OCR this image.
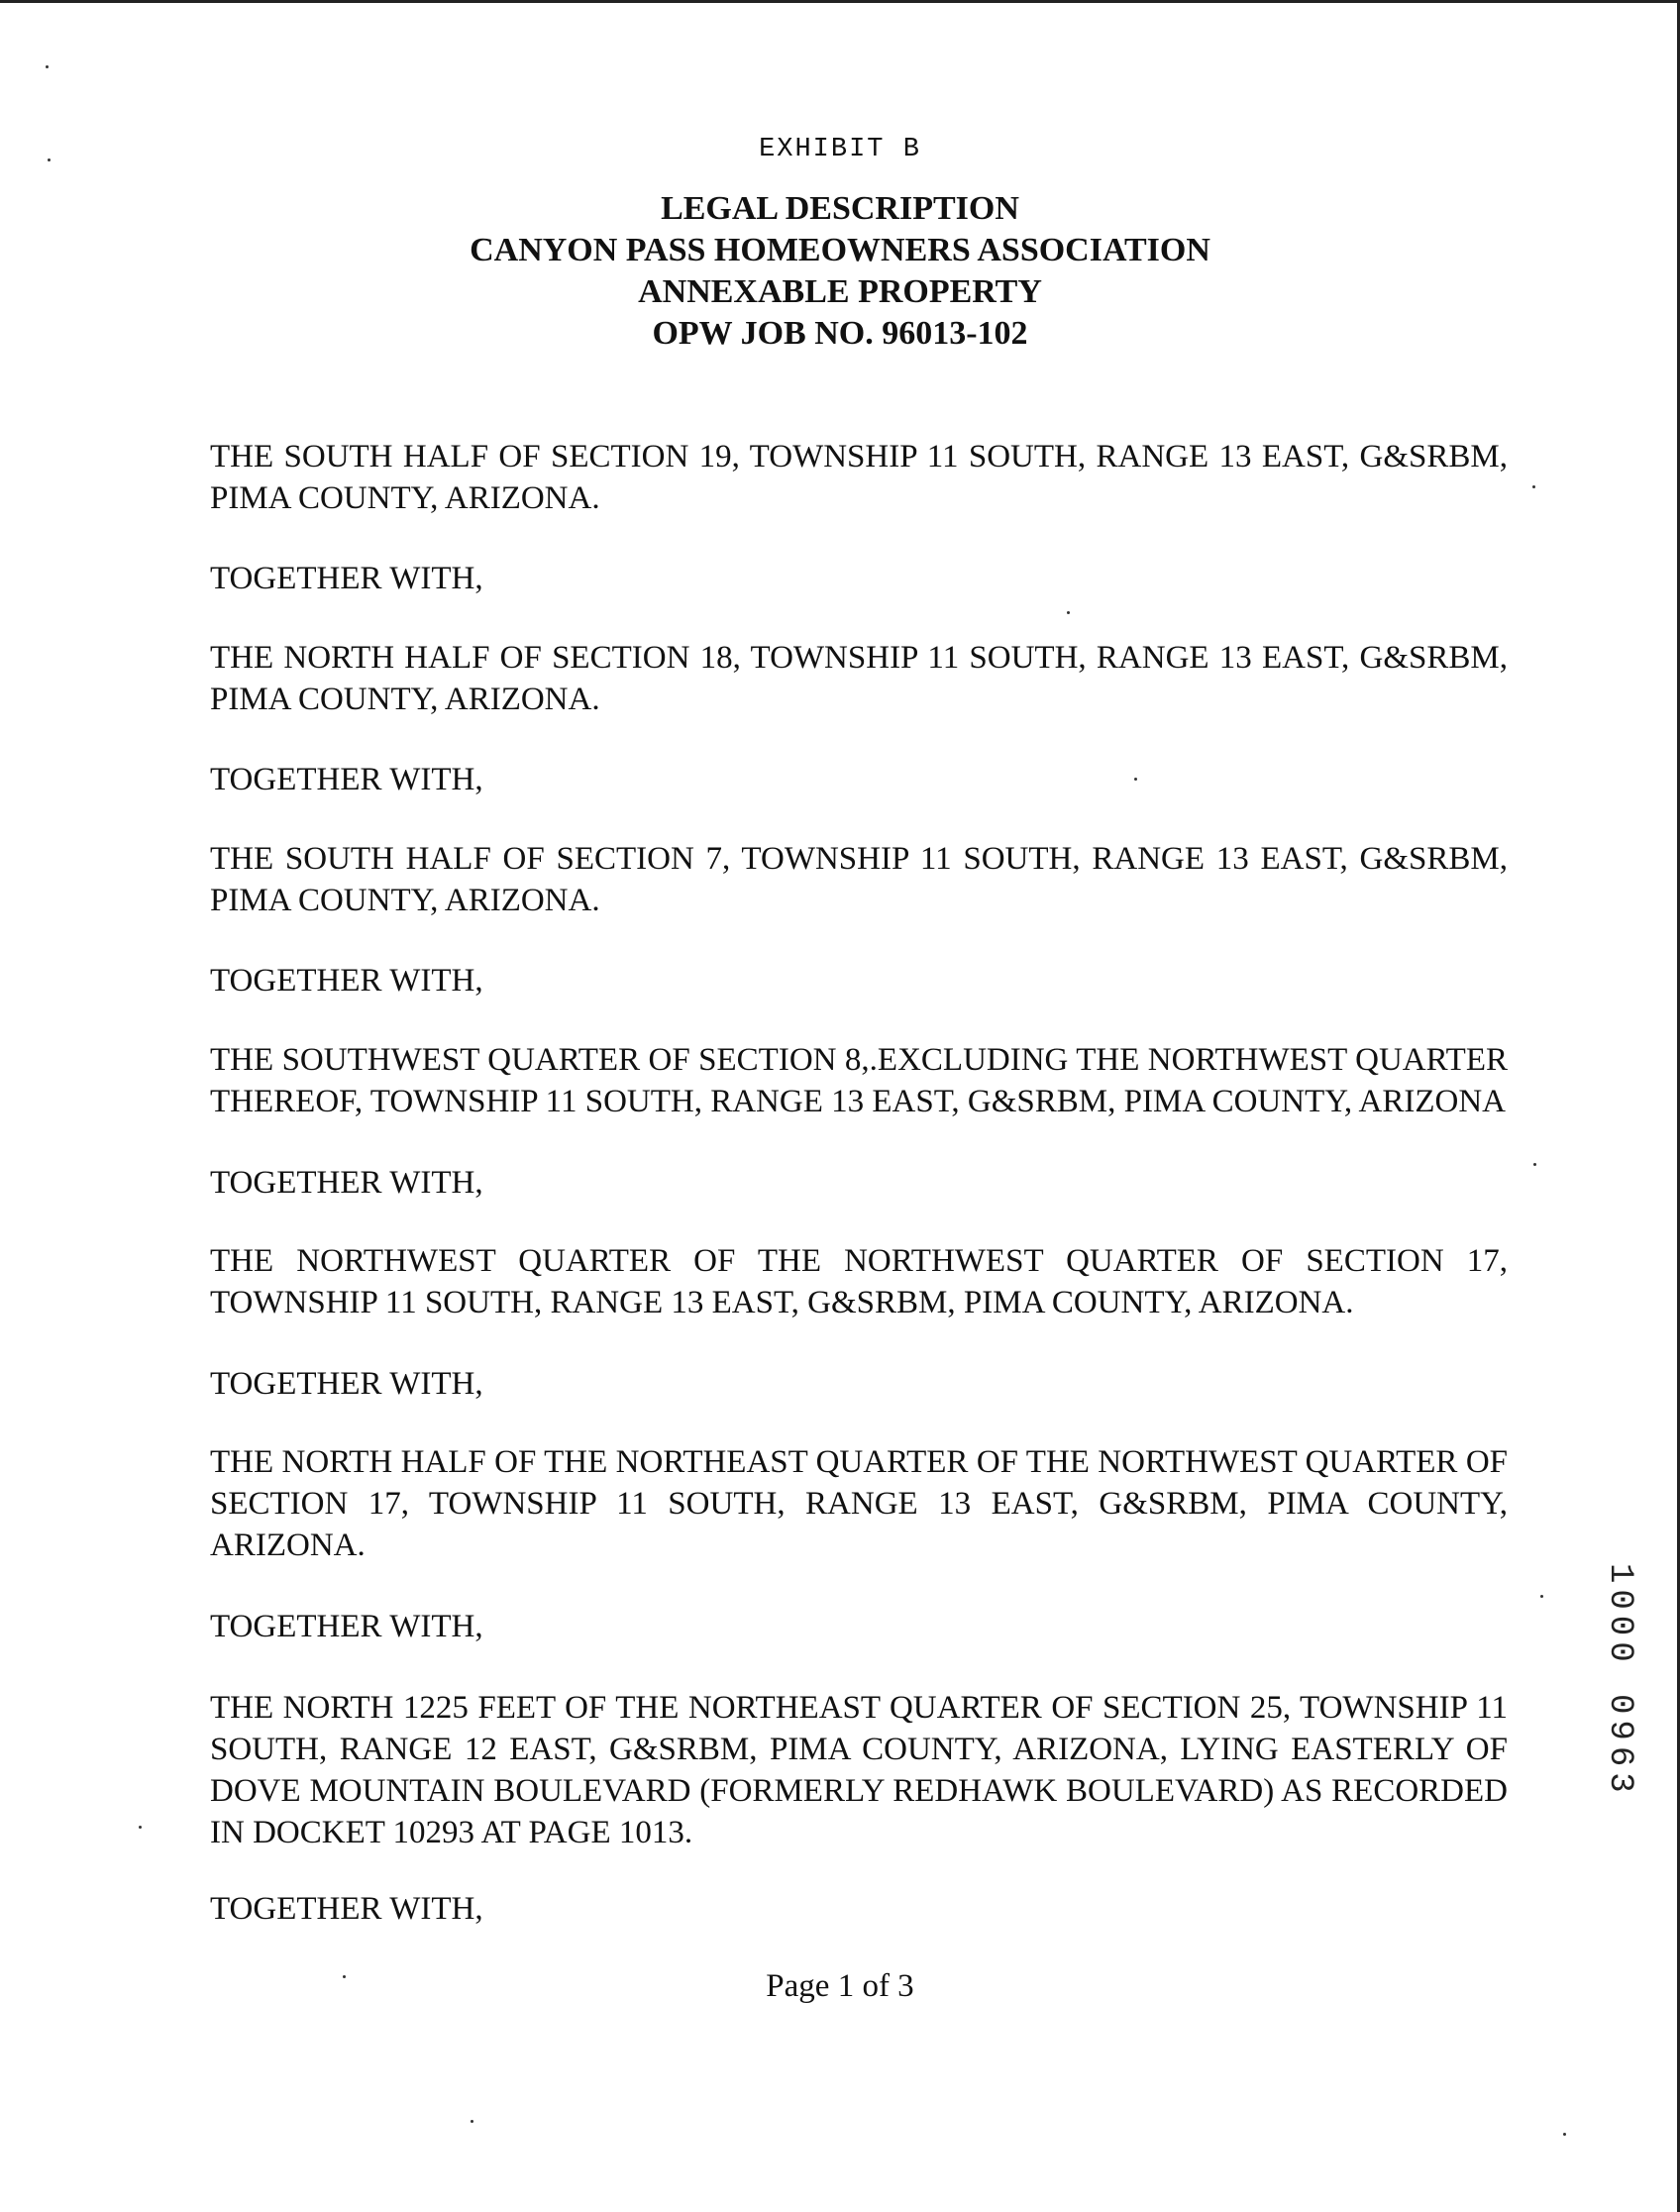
EXHIBIT B
LEGAL DESCRIPTION
CANYON PASS HOMEOWNERS ASSOCIATION
ANNEXABLE PROPERTY
OPW JOB NO. 96013-102
THE SOUTH HALF OF SECTION 19, TOWNSHIP 11 SOUTH, RANGE 13 EAST, G&SRBM, PIMA COUNTY, ARIZONA.
TOGETHER WITH,
THE NORTH HALF OF SECTION 18, TOWNSHIP 11 SOUTH, RANGE 13 EAST, G&SRBM, PIMA COUNTY, ARIZONA.
TOGETHER WITH,
THE SOUTH HALF OF SECTION 7, TOWNSHIP 11 SOUTH, RANGE 13 EAST, G&SRBM, PIMA COUNTY, ARIZONA.
TOGETHER WITH,
THE SOUTHWEST QUARTER OF SECTION 8,.EXCLUDING THE NORTHWEST QUARTER THEREOF, TOWNSHIP 11 SOUTH, RANGE 13 EAST, G&SRBM, PIMA COUNTY, ARIZONA
TOGETHER WITH,
THE NORTHWEST QUARTER OF THE NORTHWEST QUARTER OF SECTION 17, TOWNSHIP 11 SOUTH, RANGE 13 EAST, G&SRBM, PIMA COUNTY, ARIZONA.
TOGETHER WITH,
THE NORTH HALF OF THE NORTHEAST QUARTER OF THE NORTHWEST QUARTER OF SECTION 17, TOWNSHIP 11 SOUTH, RANGE 13 EAST, G&SRBM, PIMA COUNTY, ARIZONA.
TOGETHER WITH,
THE NORTH 1225 FEET OF THE NORTHEAST QUARTER OF SECTION 25, TOWNSHIP 11 SOUTH, RANGE 12 EAST, G&SRBM, PIMA COUNTY, ARIZONA, LYING EASTERLY OF DOVE MOUNTAIN BOULEVARD (FORMERLY REDHAWK BOULEVARD) AS RECORDED IN DOCKET 10293 AT PAGE 1013.
TOGETHER WITH,
Page 1 of 3
1000 0963
